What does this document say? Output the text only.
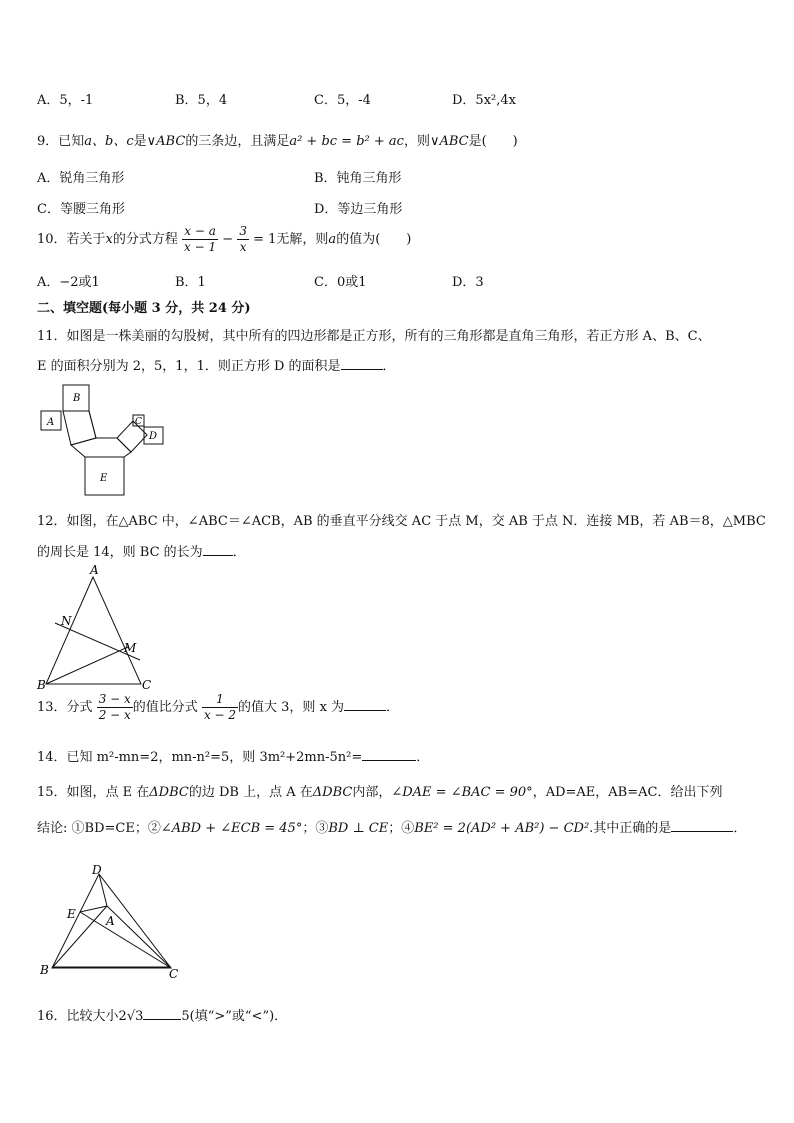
A．5，-1	B．5，4	C．5，-4	D．5x²,4x
9．已知a、b、c是∨ABC的三条边，且满足a² + bc = b² + ac，则∨ABC是(　　)
A．锐角三角形	B．钝角三角形
C．等腰三角形	D．等边三角形
10．若关于x的分式方程 $\frac{x - a}{x - 1} - \frac{3}{x} = 1$无解，则a的值为(　　)
A．−2或1	B．1	C．0或1	D．3
二、填空题(每小题 3 分，共 24 分)
11．如图是一株美丽的勾股树，其中所有的四边形都是正方形，所有的三角形都是直角三角形，若正方形 A、B、C、
E 的面积分别为 2，5，1，1．则正方形 D 的面积是	．
A
B
C
D
E
12．如图，在△ABC 中，∠ABC＝∠ACB，AB 的垂直平分线交 AC 于点 M，交 AB 于点 N．连接 MB，若 AB＝8，△MBC
的周长是 14，则 BC 的长为 ．
A
N
M
B	C
13．分式 $\frac{3 - x}{2 - x}$ 的值比分式 $\frac{1}{x - 2}$ 的值大 3，则 x 为	．
14．已知 m²-mn=2，mn-n²=5，则 3m²+2mn-5n²=	．
15．如图，点 E 在ΔDBC的边 DB 上，点 A 在ΔDBC内部，∠DAE = ∠BAC = 90°，AD=AE，AB=AC．给出下列
结论: ①BD=CE；②∠ABD + ∠ECB = 45°；③BD ⊥ CE；④BE² = 2(AD² + AB²) − CD².其中正确的是	．
D
E	A
B	C
16．比较大小2√3	5(填“>”或“<”)．
